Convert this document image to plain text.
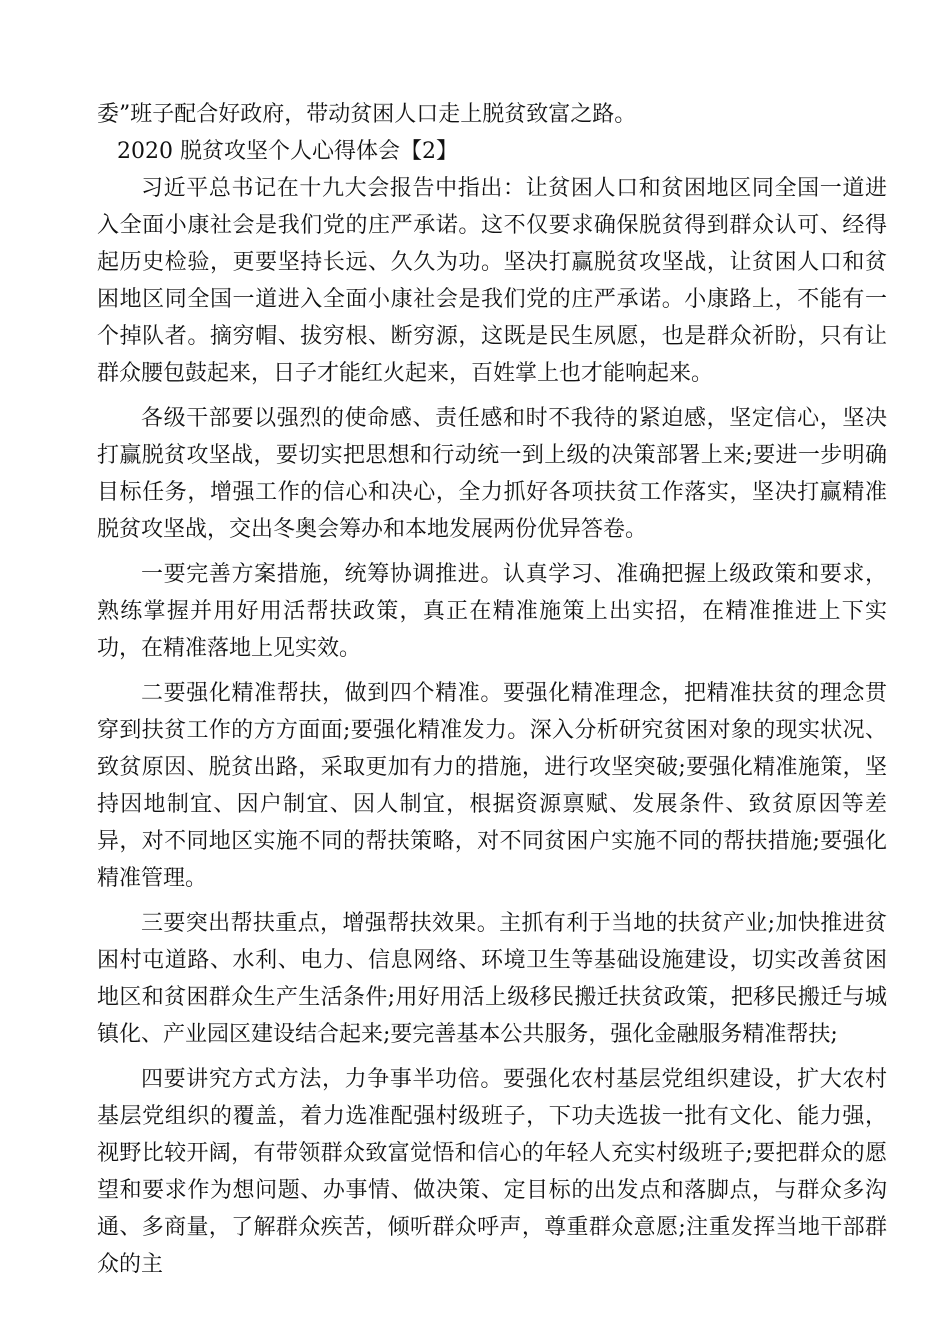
委”班子配合好政府，带动贫困人口走上脱贫致富之路。

2020 脱贫攻坚个人心得体会【2】

习近平总书记在十九大会报告中指出：让贫困人口和贫困地区同全国一道进入全面小康社会是我们党的庄严承诺。这不仅要求确保脱贫得到群众认可、经得起历史检验，更要坚持长远、久久为功。坚决打赢脱贫攻坚战，让贫困人口和贫困地区同全国一道进入全面小康社会是我们党的庄严承诺。小康路上，不能有一个掉队者。摘穷帽、拔穷根、断穷源，这既是民生夙愿，也是群众祈盼，只有让群众腰包鼓起来，日子才能红火起来，百姓掌上也才能响起来。

各级干部要以强烈的使命感、责任感和时不我待的紧迫感，坚定信心，坚决打赢脱贫攻坚战，要切实把思想和行动统一到上级的决策部署上来;要进一步明确目标任务，增强工作的信心和决心，全力抓好各项扶贫工作落实，坚决打赢精准脱贫攻坚战，交出冬奥会筹办和本地发展两份优异答卷。

一要完善方案措施，统筹协调推进。认真学习、准确把握上级政策和要求，熟练掌握并用好用活帮扶政策，真正在精准施策上出实招，在精准推进上下实功，在精准落地上见实效。

二要强化精准帮扶，做到四个精准。要强化精准理念，把精准扶贫的理念贯穿到扶贫工作的方方面面;要强化精准发力。深入分析研究贫困对象的现实状况、致贫原因、脱贫出路，采取更加有力的措施，进行攻坚突破;要强化精准施策，坚持因地制宜、因户制宜、因人制宜，根据资源禀赋、发展条件、致贫原因等差异，对不同地区实施不同的帮扶策略，对不同贫困户实施不同的帮扶措施;要强化精准管理。

三要突出帮扶重点，增强帮扶效果。主抓有利于当地的扶贫产业;加快推进贫困村屯道路、水利、电力、信息网络、环境卫生等基础设施建设，切实改善贫困地区和贫困群众生产生活条件;用好用活上级移民搬迁扶贫政策，把移民搬迁与城镇化、产业园区建设结合起来;要完善基本公共服务，强化金融服务精准帮扶;

四要讲究方式方法，力争事半功倍。要强化农村基层党组织建设，扩大农村基层党组织的覆盖，着力选准配强村级班子，下功夫选拔一批有文化、能力强，视野比较开阔，有带领群众致富觉悟和信心的年轻人充实村级班子;要把群众的愿望和要求作为想问题、办事情、做决策、定目标的出发点和落脚点，与群众多沟通、多商量，了解群众疾苦，倾听群众呼声，尊重群众意愿;注重发挥当地干部群众的主
